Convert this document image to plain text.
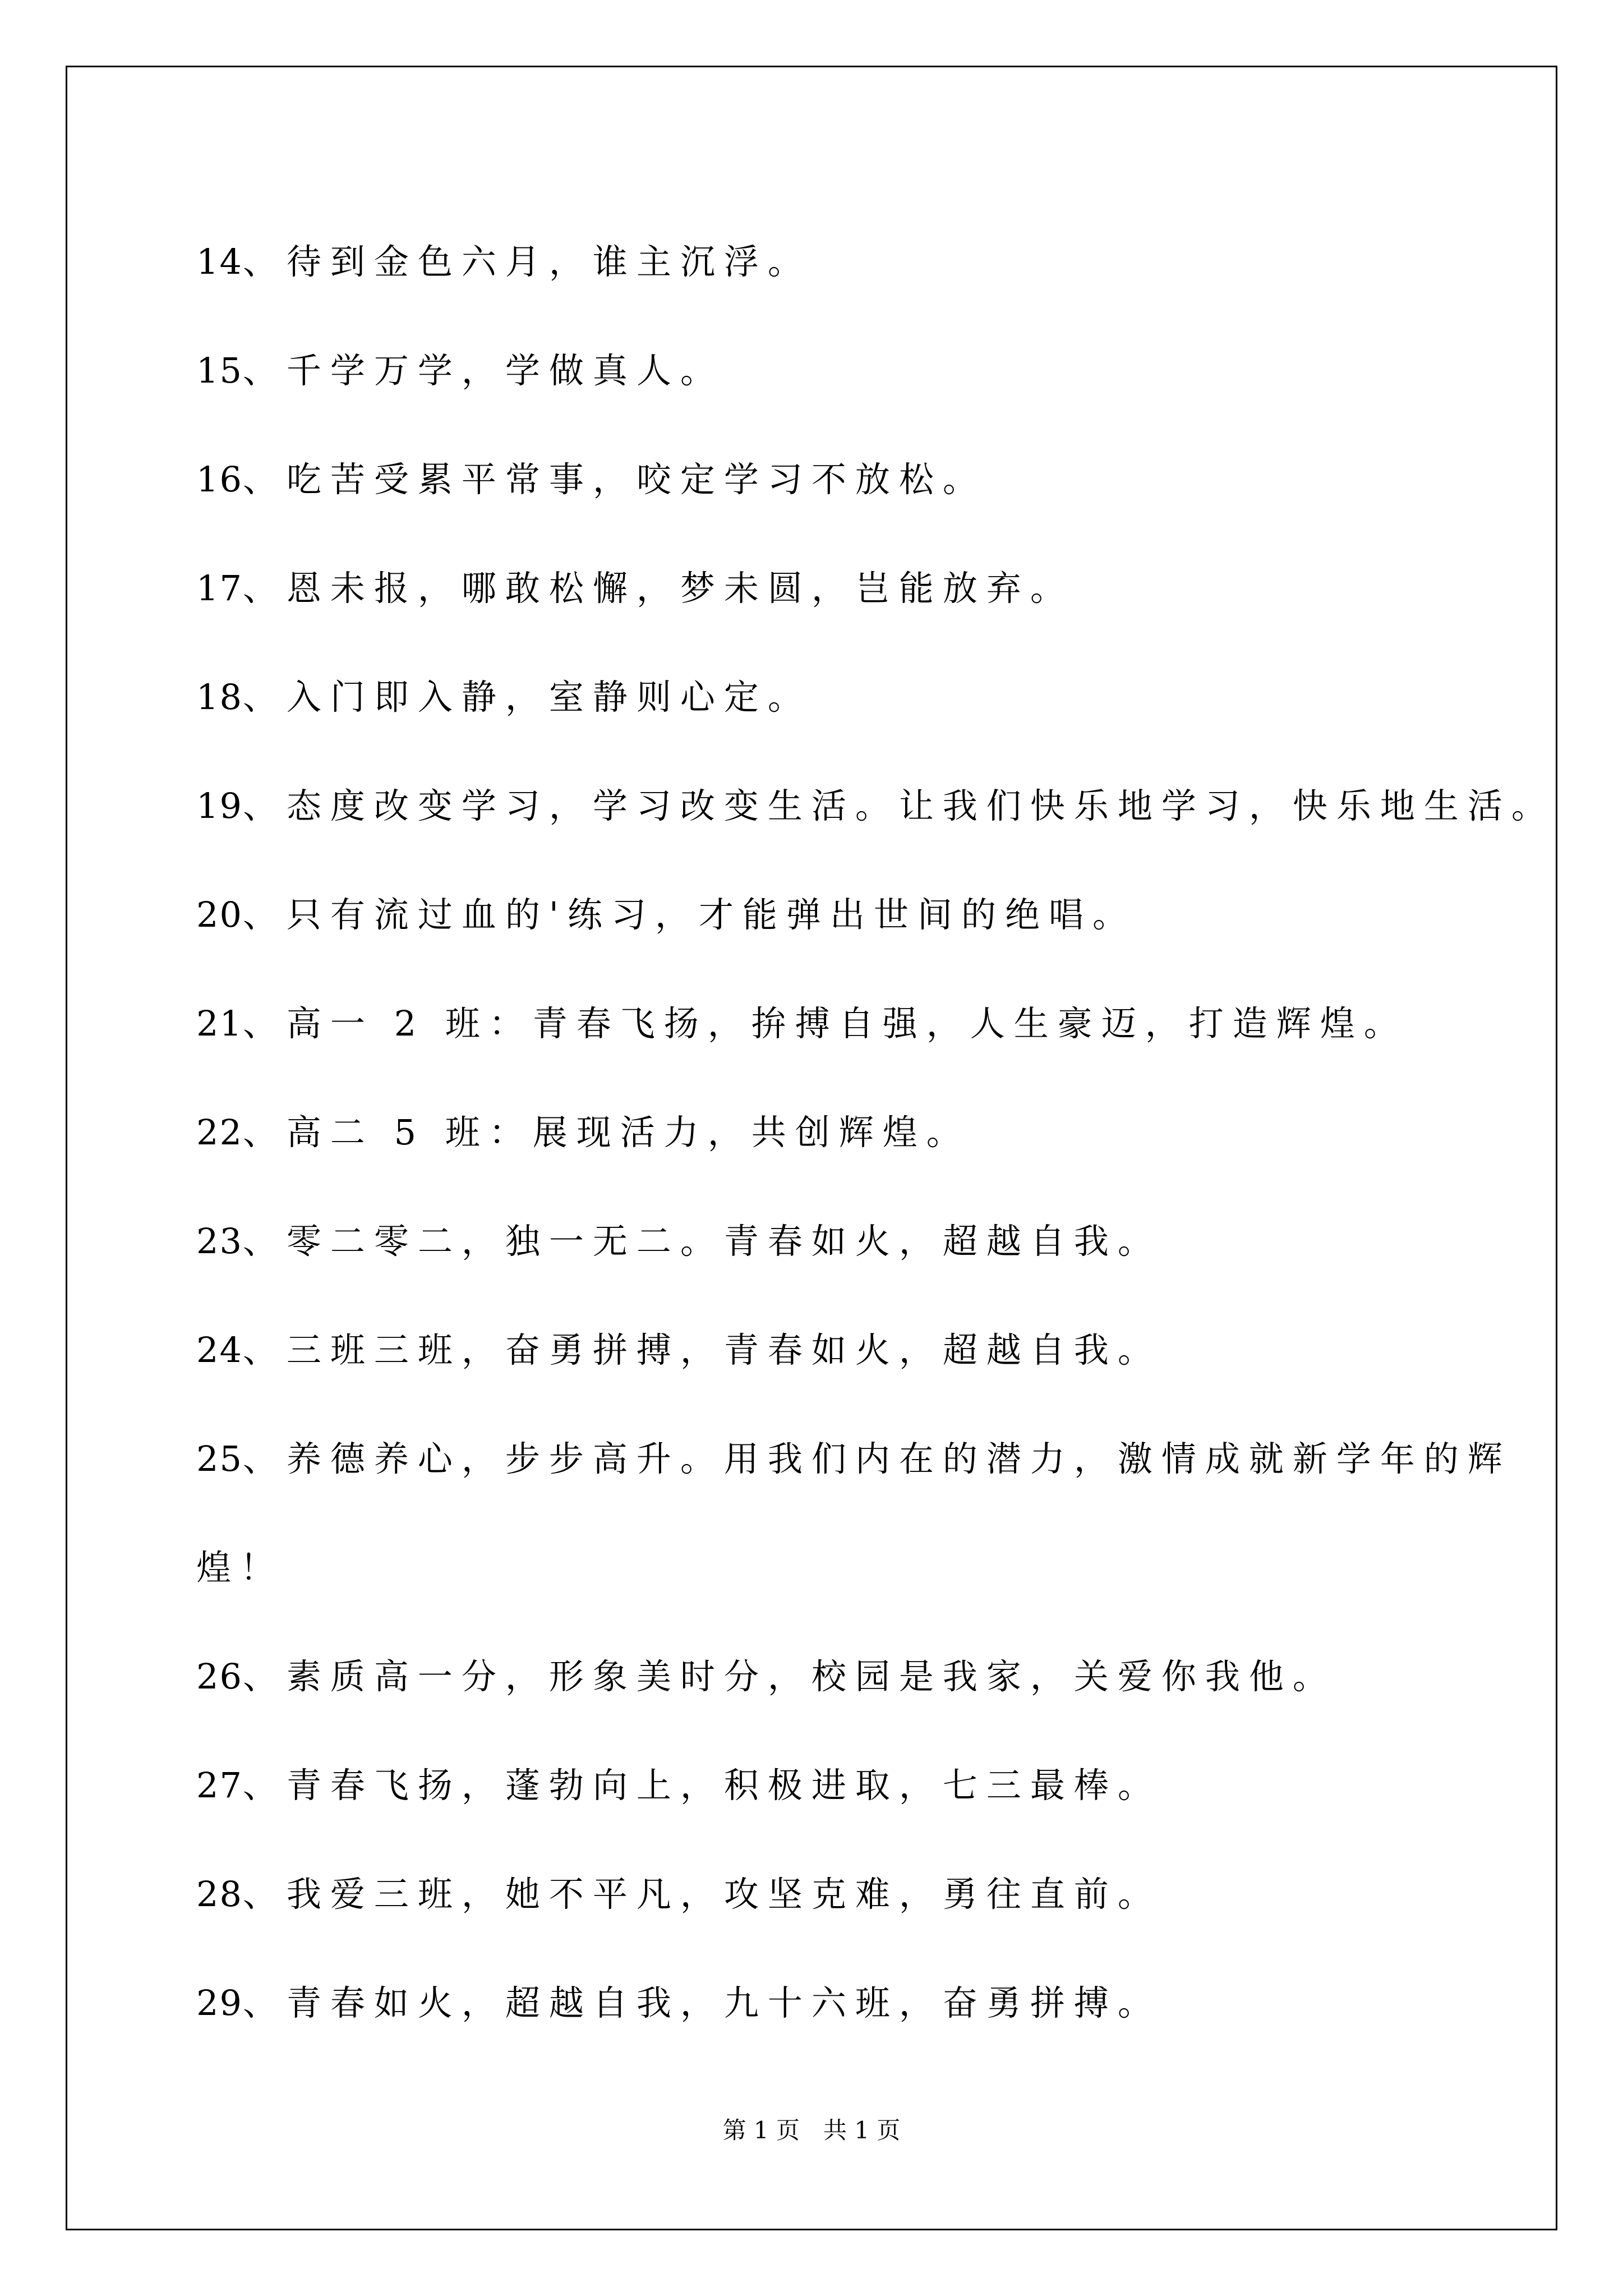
14、待到金色六月，谁主沉浮。
15、千学万学，学做真人。
16、吃苦受累平常事，咬定学习不放松。
17、恩未报，哪敢松懈，梦未圆，岂能放弃。
18、入门即入静，室静则心定。
19、态度改变学习，学习改变生活。让我们快乐地学习，快乐地生活。
20、只有流过血的'练习，才能弹出世间的绝唱。
21、高一 2 班：青春飞扬，拚搏自强，人生豪迈，打造辉煌。
22、高二 5 班：展现活力，共创辉煌。
23、零二零二，独一无二。青春如火，超越自我。
24、三班三班，奋勇拼搏，青春如火，超越自我。
25、养德养心，步步高升。用我们内在的潜力，激情成就新学年的辉
煌！
26、素质高一分，形象美时分，校园是我家，关爱你我他。
27、青春飞扬，蓬勃向上，积极进取，七三最棒。
28、我爱三班，她不平凡，攻坚克难，勇往直前。
29、青春如火，超越自我，九十六班，奋勇拼搏。
第 1 页 共 1 页
